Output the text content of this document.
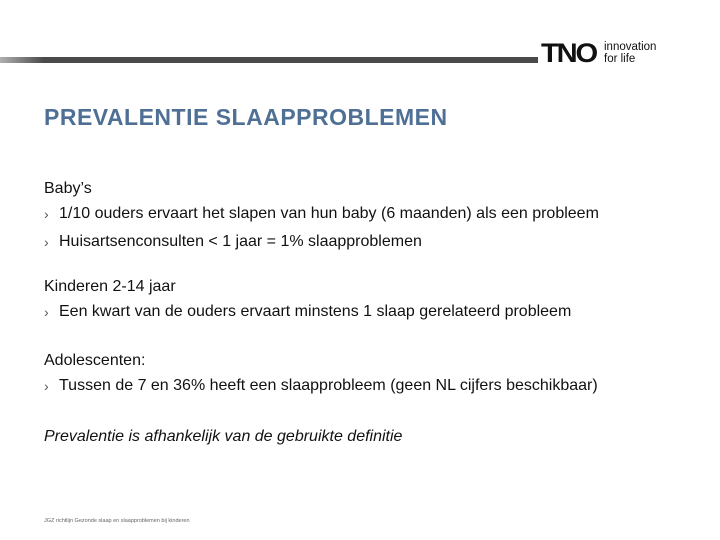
TNO innovation
for life
PREVALENTIE SLAAPPROBLEMEN
Baby’s
› 1/10 ouders ervaart het slapen van hun baby (6 maanden) als een probleem
› Huisartsenconsulten < 1 jaar = 1% slaapproblemen
Kinderen 2-14 jaar
› Een kwart van de ouders ervaart minstens 1 slaap gerelateerd probleem
Adolescenten:
› Tussen de 7 en 36% heeft een slaapprobleem (geen NL cijfers beschikbaar)
Prevalentie is afhankelijk van de gebruikte definitie
JGZ richtlijn Gezonde slaap en slaapproblemen bij kinderen
